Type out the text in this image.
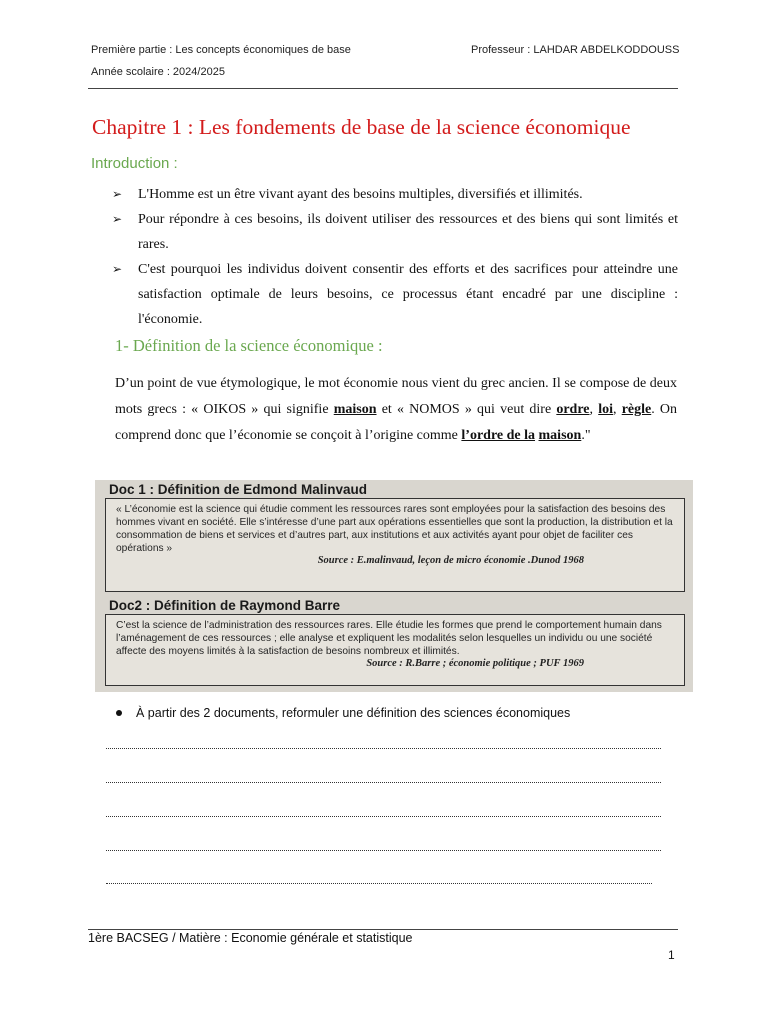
Première partie : Les concepts économiques de base	Professeur : LAHDAR ABDELKODDOUSS
Année scolaire : 2024/2025
Chapitre 1 : Les fondements de base de la science économique
Introduction :
➢ L'Homme est un être vivant ayant des besoins multiples, diversifiés et illimités.
➢ Pour répondre à ces besoins, ils doivent utiliser des ressources et des biens qui sont limités et rares.
➢ C'est pourquoi les individus doivent consentir des efforts et des sacrifices pour atteindre une satisfaction optimale de leurs besoins, ce processus étant encadré par une discipline : l'économie.
1- Définition de la science économique :
D’un point de vue étymologique, le mot économie nous vient du grec ancien. Il se compose de deux mots grecs : « OIKOS » qui signifie maison et « NOMOS » qui veut dire ordre, loi, règle. On comprend donc que l’économie se conçoit à l’origine comme l’ordre de la maison."
Doc 1 : Définition de Edmond Malinvaud
« L’économie est la science qui étudie comment les ressources rares sont employées pour la satisfaction des besoins des hommes vivant en société. Elle s’intéresse d’une part aux opérations essentielles que sont la production, la distribution et la consommation de biens et services et d’autres part, aux institutions et aux activités ayant pour objet de faciliter ces opérations »
Source : E.malinvaud, leçon de micro économie .Dunod 1968
Doc2 : Définition de Raymond Barre
C’est la science de l’administration des ressources rares. Elle étudie les formes que prend le comportement humain dans l’aménagement de ces ressources ; elle analyse et expliquent les modalités selon lesquelles un individu ou une société affecte des moyens limités à la satisfaction de besoins nombreux et illimités.
Source : R.Barre ; économie politique ; PUF 1969
À partir des 2 documents, reformuler une définition des sciences économiques
1ère BACSEG / Matière : Economie générale et statistique
1
